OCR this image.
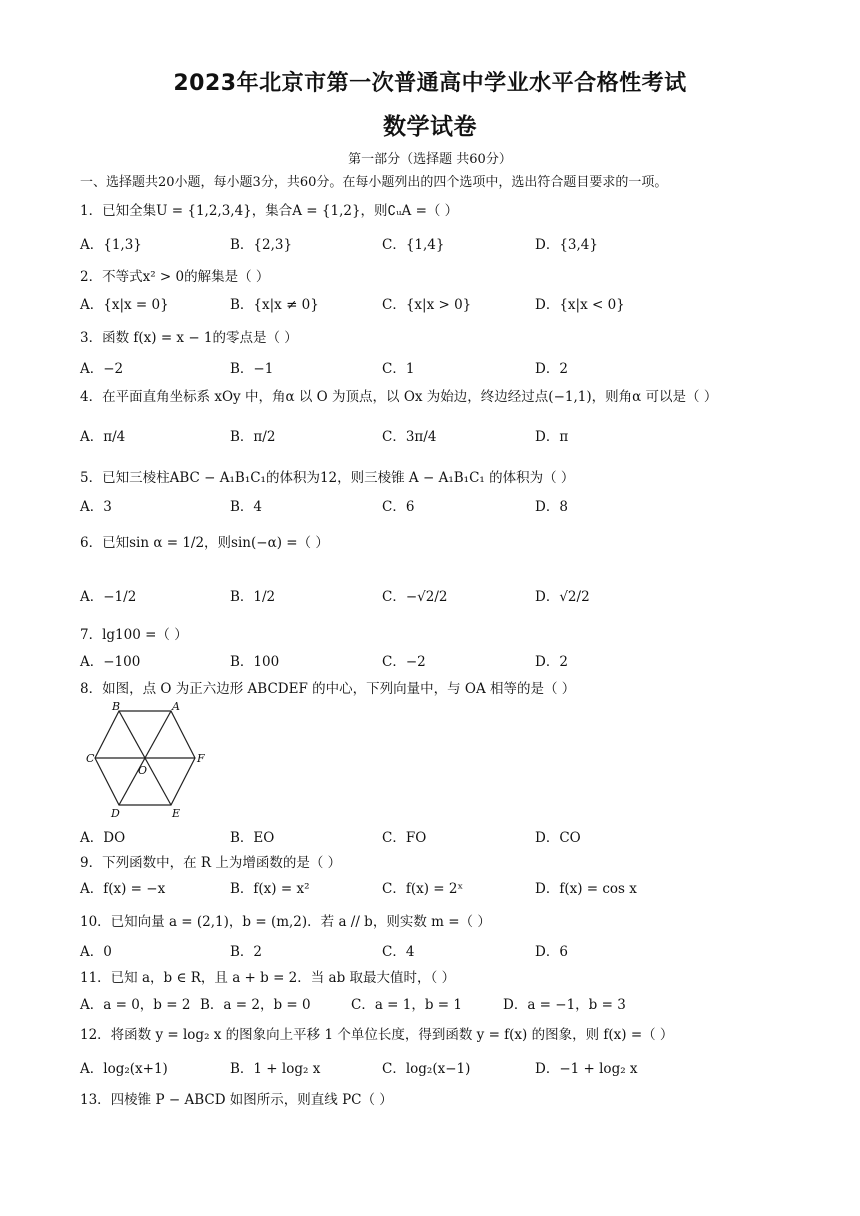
2023年北京市第一次普通高中学业水平合格性考试
数学试卷
第一部分（选择题 共60分）
一、选择题共20小题，每小题3分，共60分。在每小题列出的四个选项中，选出符合题目要求的一项。
1．已知全集U = {1,2,3,4}，集合A = {1,2}，则∁ᵤA =（ ）
A．{1,3}	B．{2,3}	C．{1,4}	D．{3,4}
2．不等式x² > 0的解集是（ ）
A．{x|x = 0}	B．{x|x ≠ 0}	C．{x|x > 0}	D．{x|x < 0}
3．函数 f(x) = x − 1的零点是（ ）
A．−2	B．−1	C．1	D．2
4．在平面直角坐标系 xOy 中，角α 以 O 为顶点，以 Ox 为始边，终边经过点(−1,1)，则角α 可以是（ ）
A．π/4	B．π/2	C．3π/4	D．π
5．已知三棱柱ABC − A₁B₁C₁的体积为12，则三棱锥 A − A₁B₁C₁ 的体积为（ ）
A．3	B．4	C．6	D．8
6．已知sin α = 1/2，则sin(−α) =（ ）
A．−1/2	B．1/2	C．−√2/2	D．√2/2
7．lg100 =（ ）
A．−100	B．100	C．−2	D．2
8．如图，点 O 为正六边形 ABCDEF 的中心，下列向量中，与 OA 相等的是（ ）
B	A
C	F
O
D	E
A．DO	B．EO	C．FO	D．CO
9．下列函数中，在 R 上为增函数的是（ ）
A．f(x) = −x	B．f(x) = x²	C．f(x) = 2ˣ	D．f(x) = cos x
10．已知向量 a = (2,1)，b = (m,2)．若 a // b，则实数 m =（ ）
A．0	B．2	C．4	D．6
11．已知 a，b ∈ R，且 a + b = 2．当 ab 取最大值时，（ ）
A．a = 0，b = 2 B．a = 2，b = 0	C．a = 1，b = 1	D．a = −1，b = 3
12．将函数 y = log₂ x 的图象向上平移 1 个单位长度，得到函数 y = f(x) 的图象，则 f(x) =（ ）
A．log₂(x+1)	B．1 + log₂ x	C．log₂(x−1)	D．−1 + log₂ x
13．四棱锥 P − ABCD 如图所示，则直线 PC（ ）
